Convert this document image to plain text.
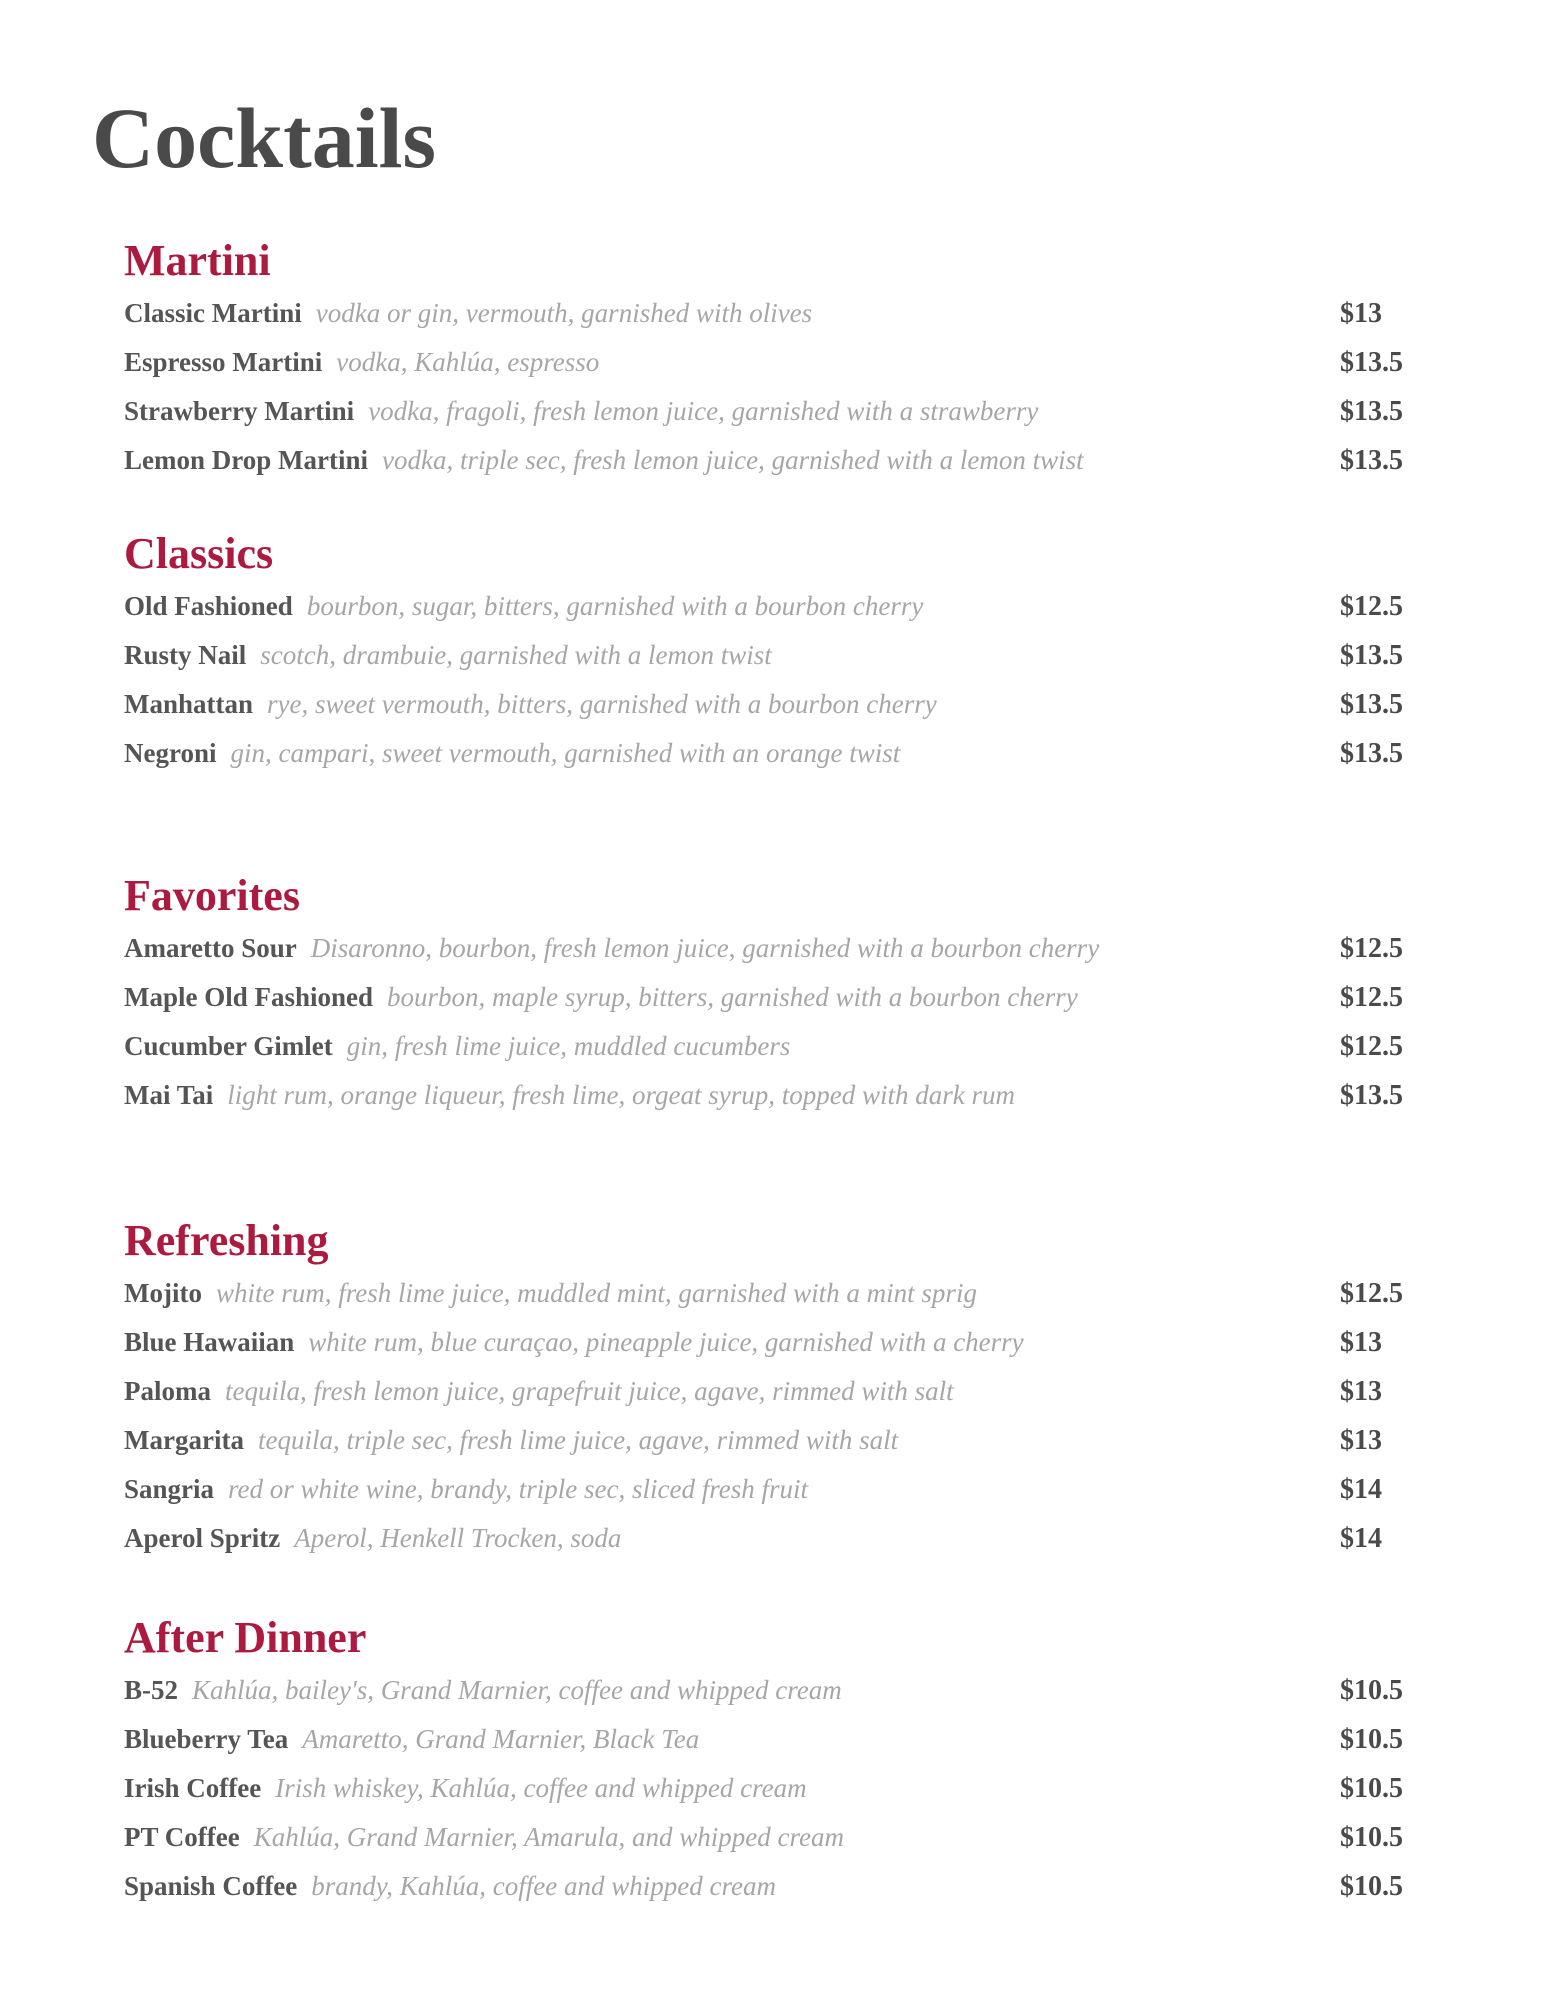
Cocktails
Martini
Classic Martini vodka or gin, vermouth, garnished with olives	$13
Espresso Martini vodka, Kahlúa, espresso	$13.5
Strawberry Martini vodka, fragoli, fresh lemon juice, garnished with a strawberry	$13.5
Lemon Drop Martini vodka, triple sec, fresh lemon juice, garnished with a lemon twist	$13.5
Classics
Old Fashioned bourbon, sugar, bitters, garnished with a bourbon cherry	$12.5
Rusty Nail scotch, drambuie, garnished with a lemon twist	$13.5
Manhattan rye, sweet vermouth, bitters, garnished with a bourbon cherry	$13.5
Negroni gin, campari, sweet vermouth, garnished with an orange twist	$13.5
Favorites
Amaretto Sour Disaronno, bourbon, fresh lemon juice, garnished with a bourbon cherry	$12.5
Maple Old Fashioned bourbon, maple syrup, bitters, garnished with a bourbon cherry	$12.5
Cucumber Gimlet gin, fresh lime juice, muddled cucumbers	$12.5
Mai Tai light rum, orange liqueur, fresh lime, orgeat syrup, topped with dark rum	$13.5
Refreshing
Mojito white rum, fresh lime juice, muddled mint, garnished with a mint sprig	$12.5
Blue Hawaiian white rum, blue curaçao, pineapple juice, garnished with a cherry	$13
Paloma tequila, fresh lemon juice, grapefruit juice, agave, rimmed with salt	$13
Margarita tequila, triple sec, fresh lime juice, agave, rimmed with salt	$13
Sangria red or white wine, brandy, triple sec, sliced fresh fruit	$14
Aperol Spritz Aperol, Henkell Trocken, soda	$14
After Dinner
B-52 Kahlúa, bailey's, Grand Marnier, coffee and whipped cream	$10.5
Blueberry Tea Amaretto, Grand Marnier, Black Tea	$10.5
Irish Coffee Irish whiskey, Kahlúa, coffee and whipped cream	$10.5
PT Coffee Kahlúa, Grand Marnier, Amarula, and whipped cream	$10.5
Spanish Coffee brandy, Kahlúa, coffee and whipped cream	$10.5
